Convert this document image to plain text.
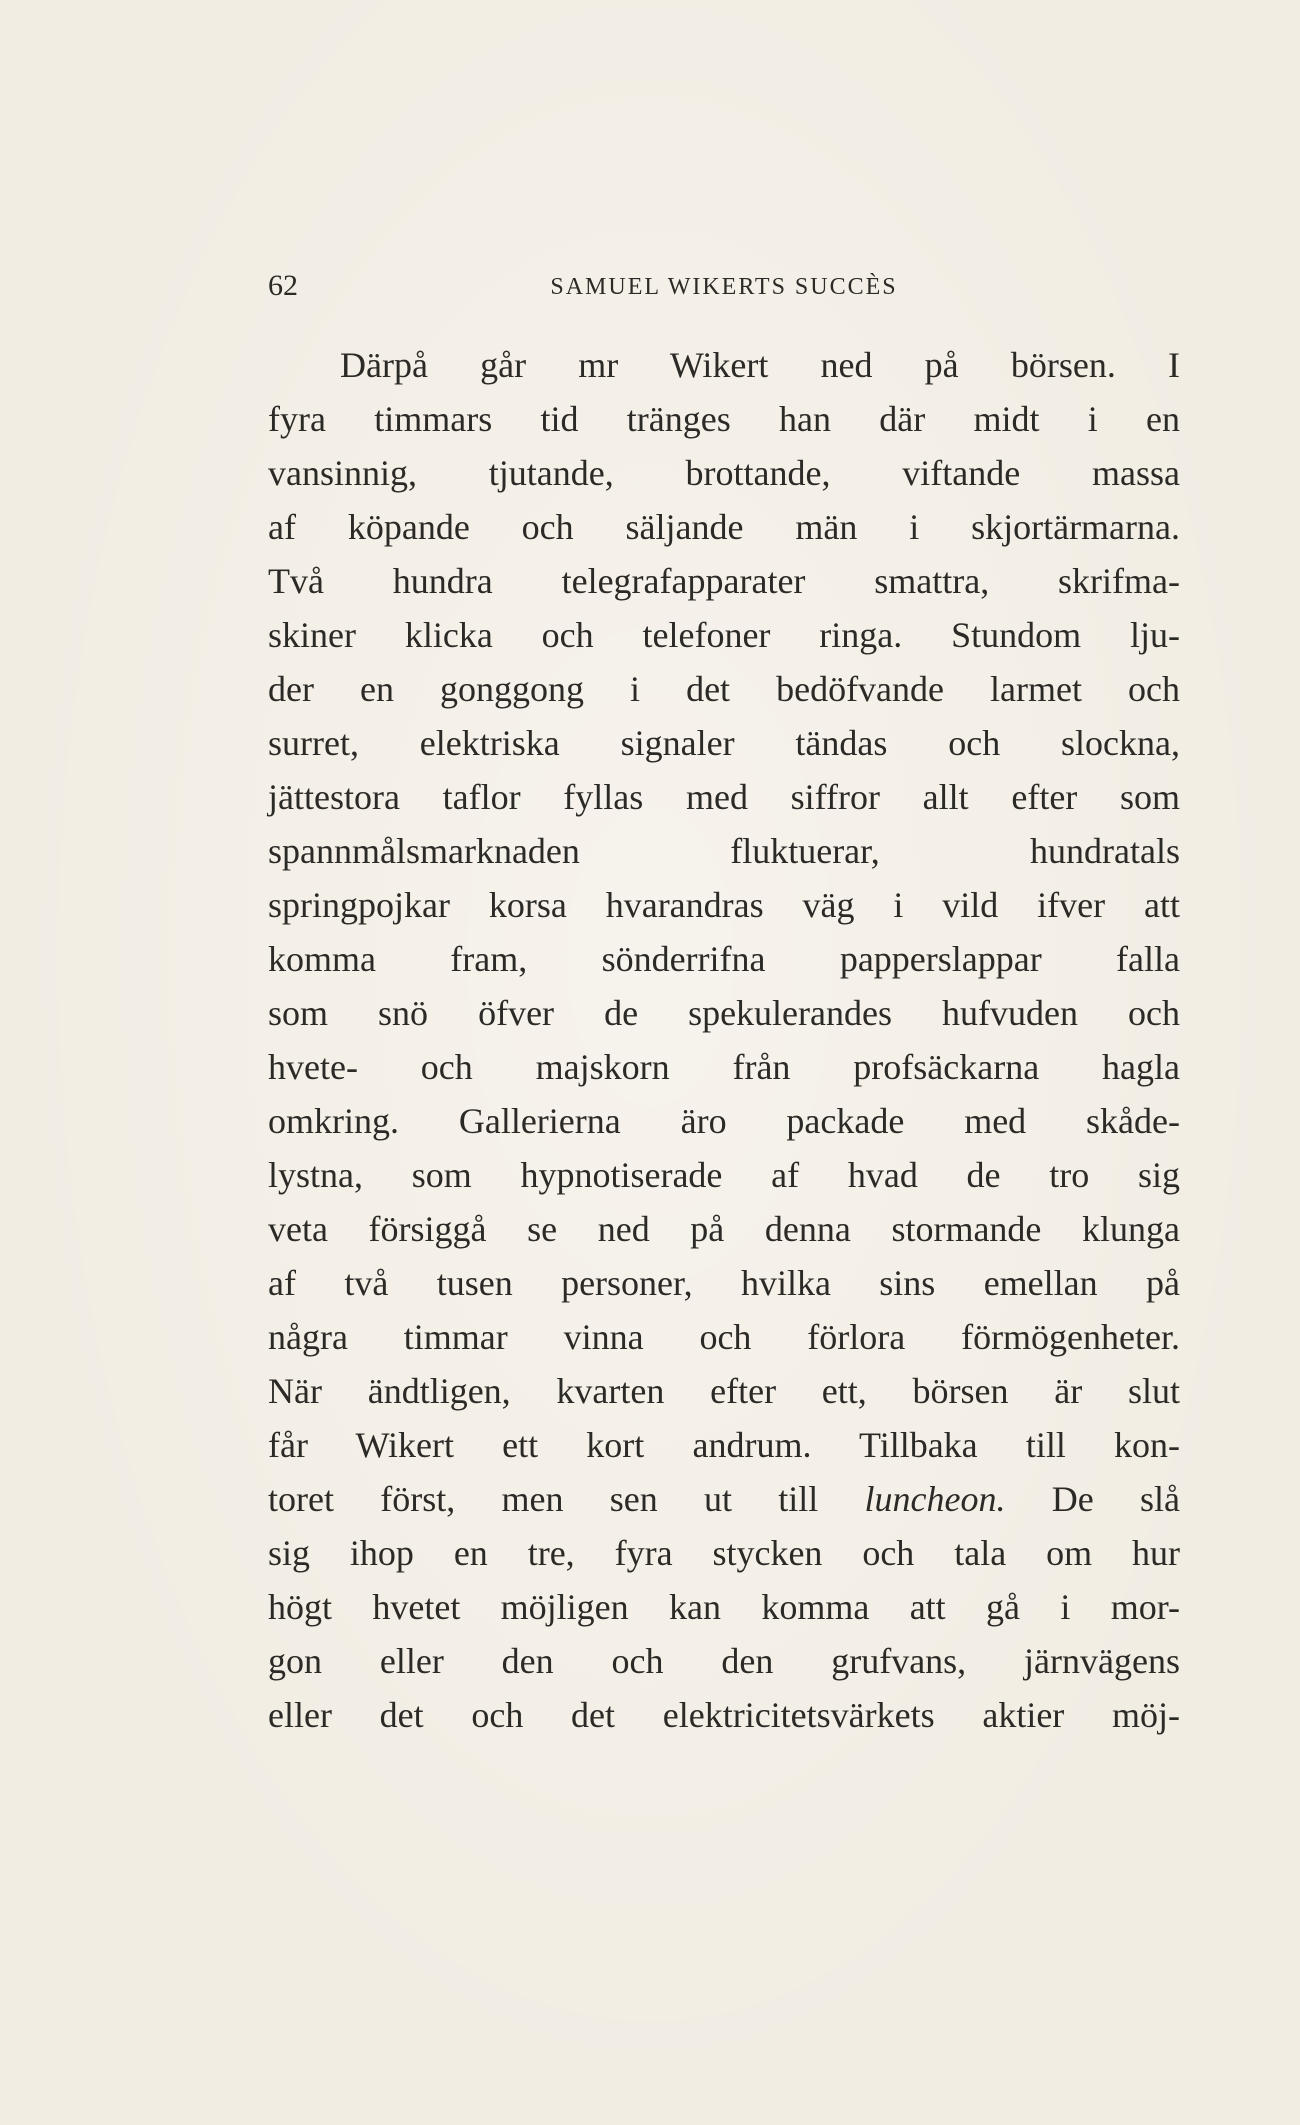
62	SAMUEL WIKERTS SUCCÈS
Därpå går mr Wikert ned på börsen. I
fyra timmars tid tränges han där midt i en
vansinnig, tjutande, brottande, viftande massa
af köpande och säljande män i skjortärmarna.
Två hundra telegrafapparater smattra, skrifma-
skiner klicka och telefoner ringa. Stundom lju-
der en gonggong i det bedöfvande larmet och
surret, elektriska signaler tändas och slockna,
jättestora taflor fyllas med siffror allt efter som
spannmålsmarknaden fluktuerar, hundratals
springpojkar korsa hvarandras väg i vild ifver att
komma fram, sönderrifna papperslappar falla
som snö öfver de spekulerandes hufvuden och
hvete- och majskorn från profsäckarna hagla
omkring. Gallerierna äro packade med skåde-
lystna, som hypnotiserade af hvad de tro sig
veta försiggå se ned på denna stormande klunga
af två tusen personer, hvilka sins emellan på
några timmar vinna och förlora förmögenheter.
När ändtligen, kvarten efter ett, börsen är slut
får Wikert ett kort andrum. Tillbaka till kon-
toret först, men sen ut till luncheon. De slå
sig ihop en tre, fyra stycken och tala om hur
högt hvetet möjligen kan komma att gå i mor-
gon eller den och den grufvans, järnvägens
eller det och det elektricitetsvärkets aktier möj-
